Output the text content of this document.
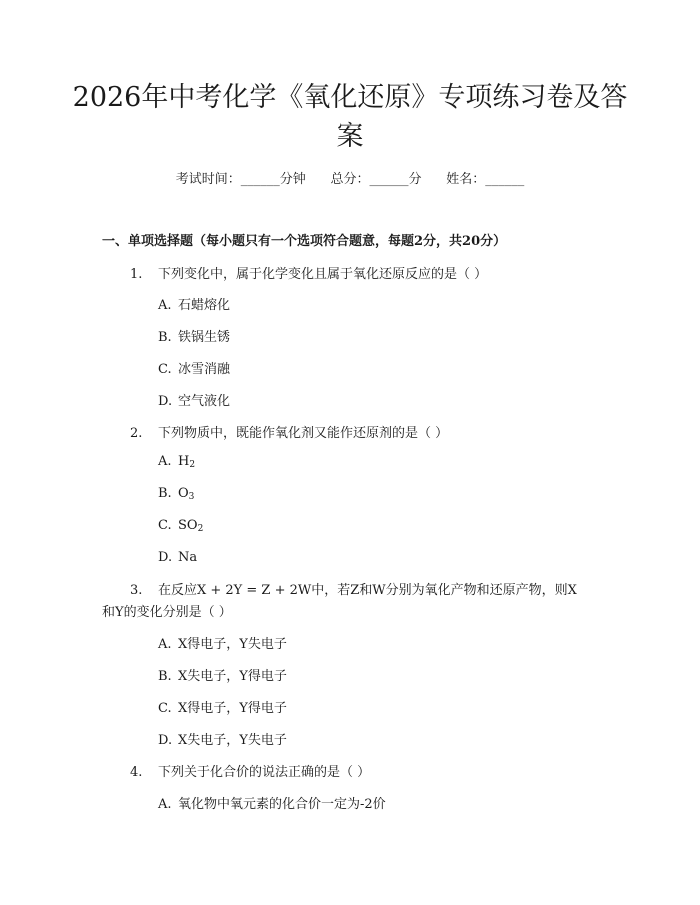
2026年中考化学《氧化还原》专项练习卷及答案
考试时间：______分钟      总分：______分      姓名：______
一、单项选择题（每小题只有一个选项符合题意，每题2分，共20分）
1. 下列变化中，属于化学变化且属于氧化还原反应的是（ ）
A. 石蜡熔化
B. 铁锅生锈
C. 冰雪消融
D. 空气液化
2. 下列物质中，既能作氧化剂又能作还原剂的是（ ）
A. $H_2$
B. $O_3$
C. $SO_2$
D. Na
3. 在反应X + 2Y = Z + 2W中，若Z和W分别为氧化产物和还原产物，则X
和Y的变化分别是（ ）
A. X得电子，Y失电子
B. X失电子，Y得电子
C. X得电子，Y得电子
D. X失电子，Y失电子
4. 下列关于化合价的说法正确的是（ ）
A. 氧化物中氧元素的化合价一定为-2价
